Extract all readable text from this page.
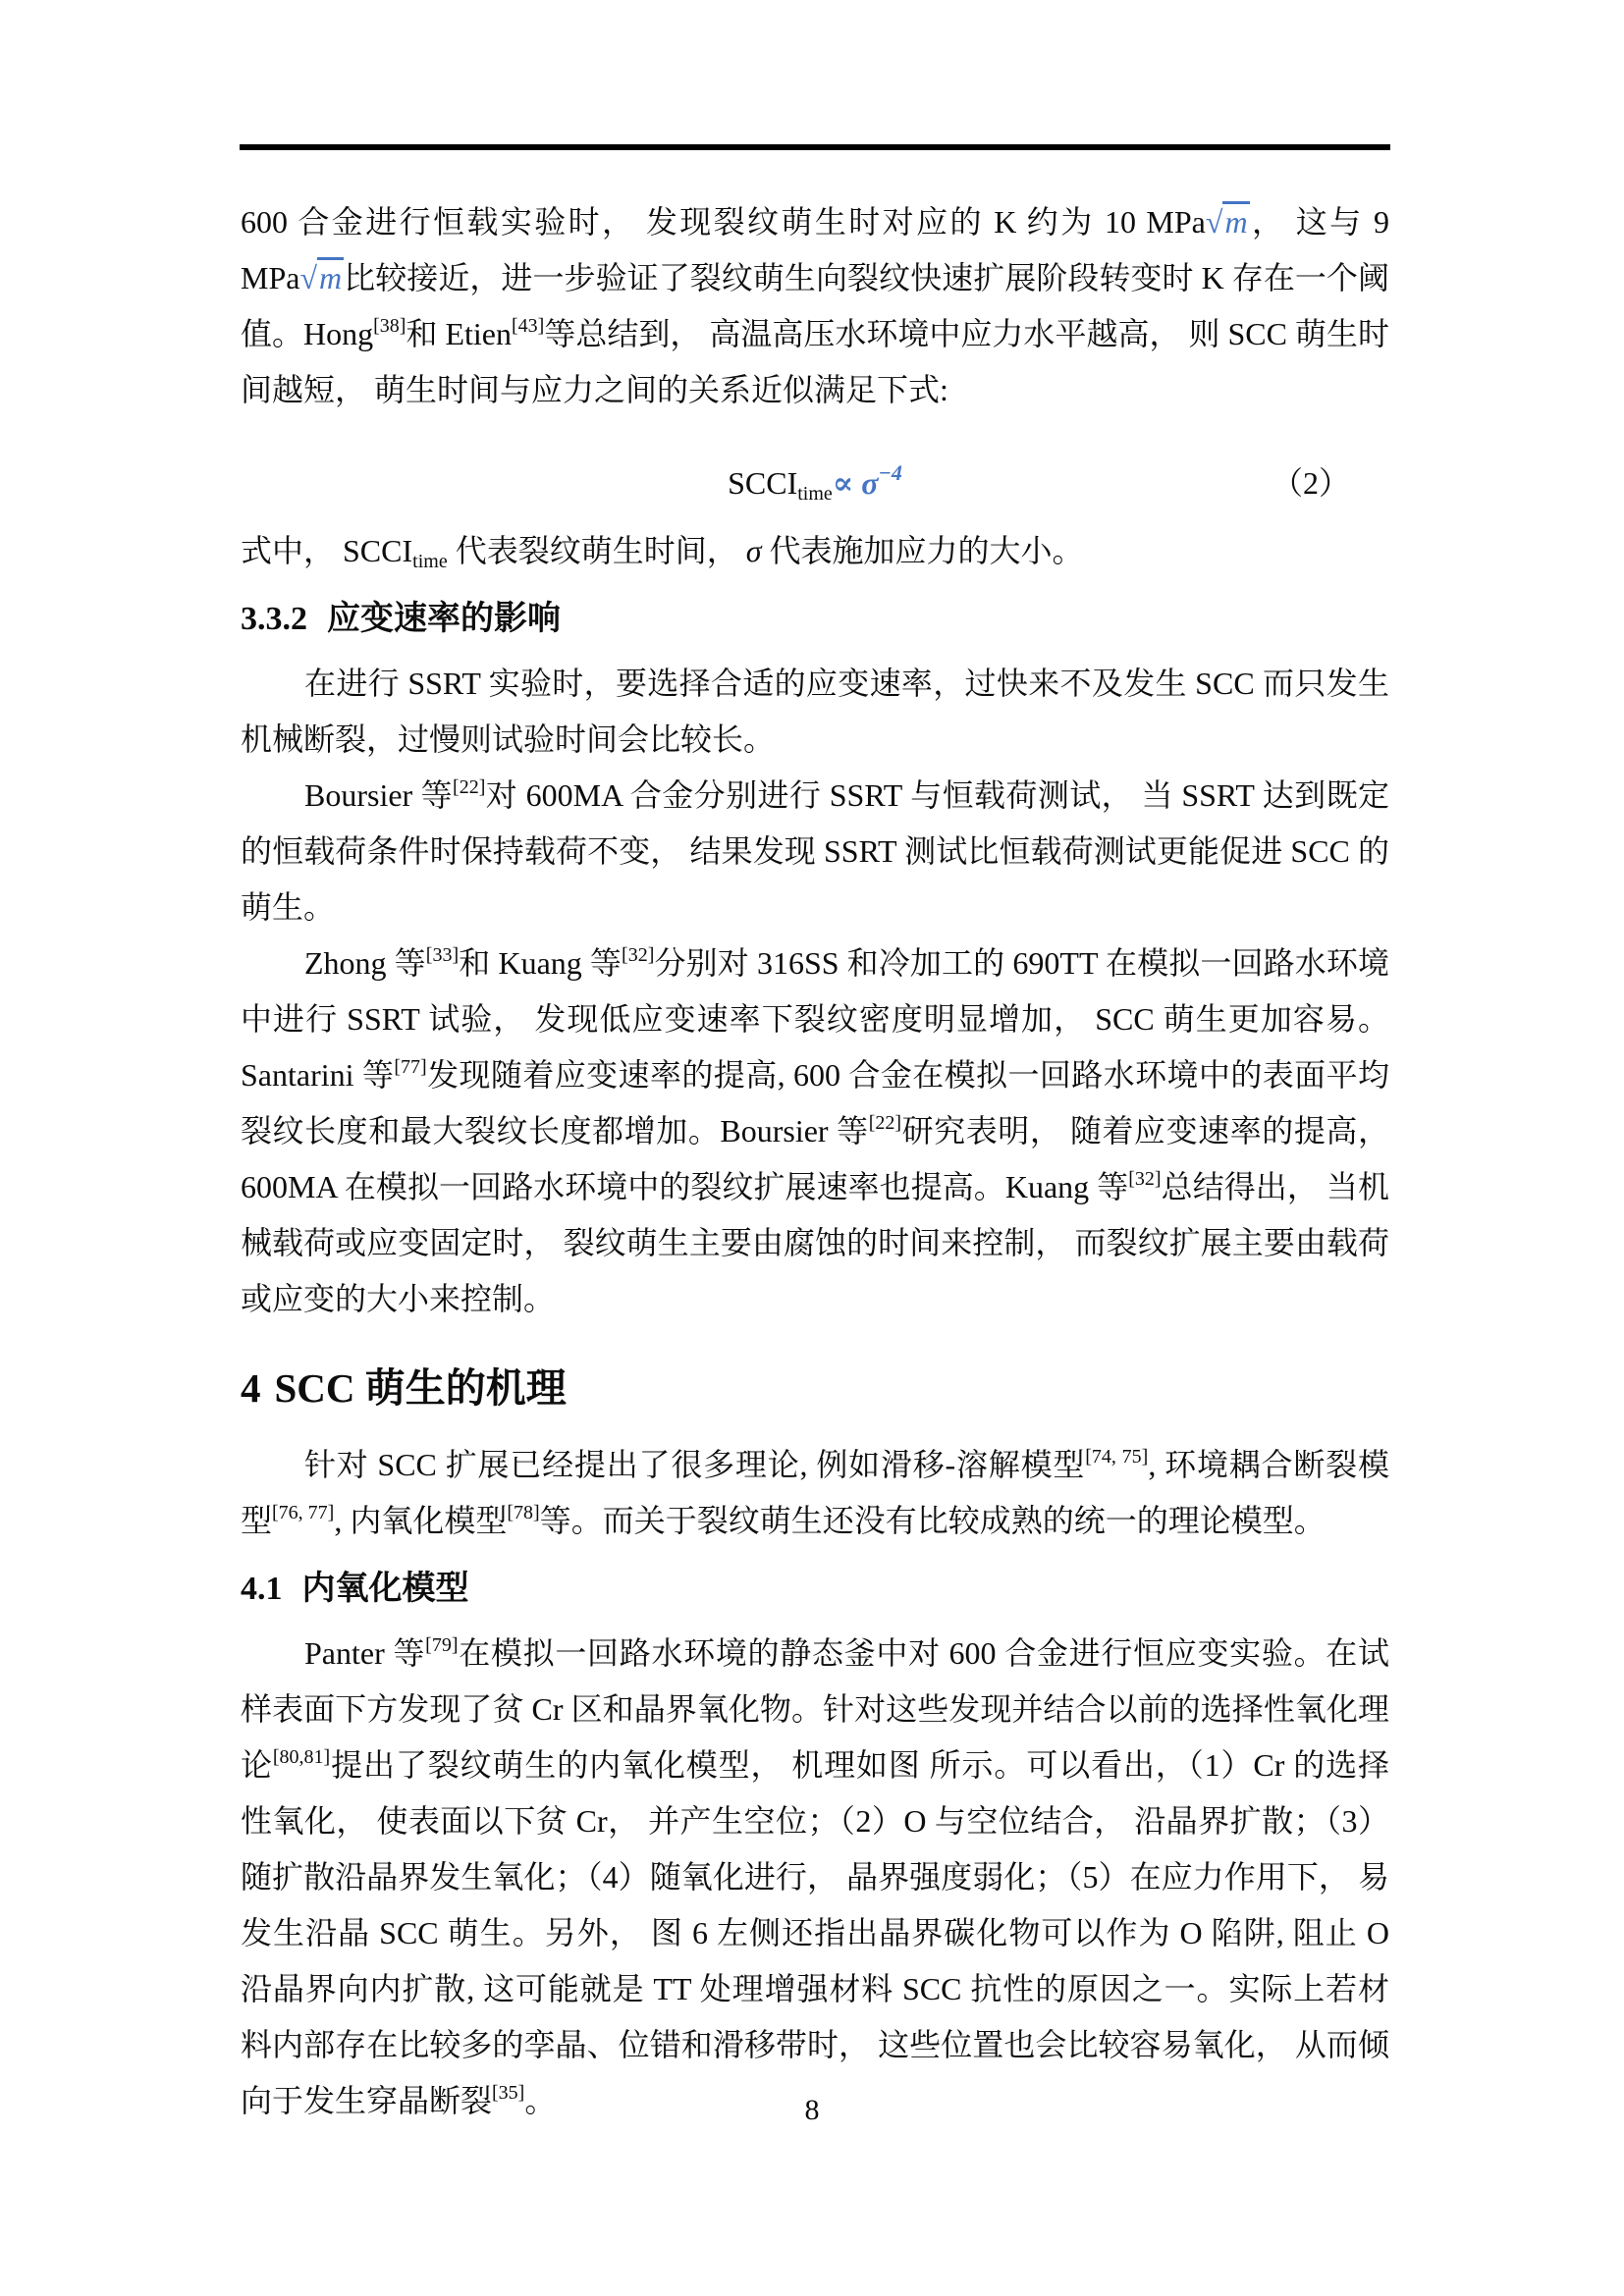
600 合金进行恒载实验时， 发现裂纹萌生时对应的 K 约为 10 MPa√m， 这与 9 MPa√m比较接近，进一步验证了裂纹萌生向裂纹快速扩展阶段转变时 K 存在一个阈值。Hong[38]和 Etien[43]等总结到， 高温高压水环境中应力水平越高， 则 SCC 萌生时间越短， 萌生时间与应力之间的关系近似满足下式:

$SCCI_{time}\propto \sigma^{-4}$	（2）

式中， $SCCI_{time}$ 代表裂纹萌生时间， σ 代表施加应力的大小。

3.3.2 应变速率的影响

在进行 SSRT 实验时，要选择合适的应变速率，过快来不及发生 SCC 而只发生机械断裂，过慢则试验时间会比较长。

Boursier 等[22]对 600MA 合金分别进行 SSRT 与恒载荷测试， 当 SSRT 达到既定的恒载荷条件时保持载荷不变， 结果发现 SSRT 测试比恒载荷测试更能促进 SCC 的萌生。

Zhong 等[33]和 Kuang 等[32]分别对 316SS 和冷加工的 690TT 在模拟一回路水环境中进行 SSRT 试验， 发现低应变速率下裂纹密度明显增加， SCC 萌生更加容易。Santarini 等[77]发现随着应变速率的提高, 600 合金在模拟一回路水环境中的表面平均裂纹长度和最大裂纹长度都增加。Boursier 等[22]研究表明， 随着应变速率的提高， 600MA 在模拟一回路水环境中的裂纹扩展速率也提高。Kuang 等[32]总结得出， 当机械载荷或应变固定时， 裂纹萌生主要由腐蚀的时间来控制， 而裂纹扩展主要由载荷或应变的大小来控制。

4 SCC 萌生的机理

针对 SCC 扩展已经提出了很多理论, 例如滑移-溶解模型[74, 75], 环境耦合断裂模型[76, 77], 内氧化模型[78]等。而关于裂纹萌生还没有比较成熟的统一的理论模型。

4.1 内氧化模型

Panter 等[79]在模拟一回路水环境的静态釜中对 600 合金进行恒应变实验。在试样表面下方发现了贫 Cr 区和晶界氧化物。针对这些发现并结合以前的选择性氧化理论[80,81]提出了裂纹萌生的内氧化模型， 机理如图 所示。可以看出，（1）Cr 的选择性氧化， 使表面以下贫 Cr， 并产生空位；（2）O 与空位结合， 沿晶界扩散；（3）随扩散沿晶界发生氧化；（4）随氧化进行， 晶界强度弱化；（5）在应力作用下， 易发生沿晶 SCC 萌生。另外， 图 6 左侧还指出晶界碳化物可以作为 O 陷阱, 阻止 O 沿晶界向内扩散, 这可能就是 TT 处理增强材料 SCC 抗性的原因之一。实际上若材料内部存在比较多的孪晶、位错和滑移带时， 这些位置也会比较容易氧化， 从而倾向于发生穿晶断裂[35]。	8
